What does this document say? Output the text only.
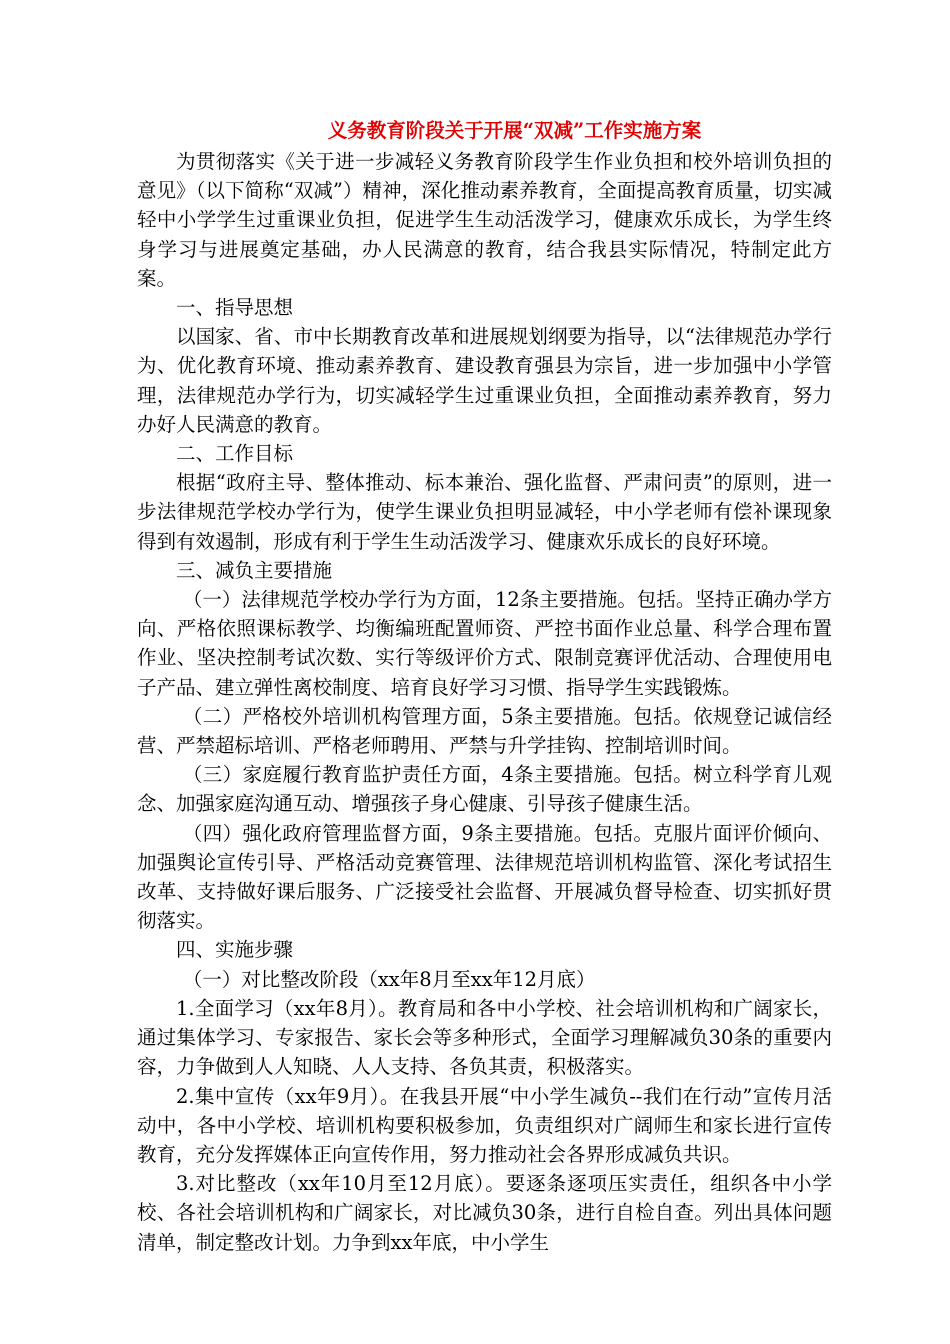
义务教育阶段关于开展“双减”工作实施方案

为贯彻落实《关于进一步减轻义务教育阶段学生作业负担和校外培训负担的意见》（以下简称“双减”）精神，深化推动素养教育，全面提高教育质量，切实减轻中小学学生过重课业负担，促进学生生动活泼学习，健康欢乐成长，为学生终身学习与进展奠定基础，办人民满意的教育，结合我县实际情况，特制定此方案。

一、指导思想

以国家、省、市中长期教育改革和进展规划纲要为指导，以“法律规范办学行为、优化教育环境、推动素养教育、建设教育强县为宗旨，进一步加强中小学管理，法律规范办学行为，切实减轻学生过重课业负担，全面推动素养教育，努力办好人民满意的教育。

二、工作目标

根据“政府主导、整体推动、标本兼治、强化监督、严肃问责”的原则，进一步法律规范学校办学行为，使学生课业负担明显减轻，中小学老师有偿补课现象得到有效遏制，形成有利于学生生动活泼学习、健康欢乐成长的良好环境。

三、减负主要措施

（一）法律规范学校办学行为方面，12条主要措施。包括。坚持正确办学方向、严格依照课标教学、均衡编班配置师资、严控书面作业总量、科学合理布置作业、坚决控制考试次数、实行等级评价方式、限制竞赛评优活动、合理使用电子产品、建立弹性离校制度、培育良好学习习惯、指导学生实践锻炼。

（二）严格校外培训机构管理方面，5条主要措施。包括。依规登记诚信经营、严禁超标培训、严格老师聘用、严禁与升学挂钩、控制培训时间。

（三）家庭履行教育监护责任方面，4条主要措施。包括。树立科学育儿观念、加强家庭沟通互动、增强孩子身心健康、引导孩子健康生活。

（四）强化政府管理监督方面，9条主要措施。包括。克服片面评价倾向、加强舆论宣传引导、严格活动竞赛管理、法律规范培训机构监管、深化考试招生改革、支持做好课后服务、广泛接受社会监督、开展减负督导检查、切实抓好贯彻落实。

四、实施步骤

（一）对比整改阶段（xx年8月至xx年12月底）

1.全面学习（xx年8月）。教育局和各中小学校、社会培训机构和广阔家长，通过集体学习、专家报告、家长会等多种形式，全面学习理解减负30条的重要内容，力争做到人人知晓、人人支持、各负其责，积极落实。

2.集中宣传（xx年9月）。在我县开展“中小学生减负--我们在行动”宣传月活动中，各中小学校、培训机构要积极参加，负责组织对广阔师生和家长进行宣传教育，充分发挥媒体正向宣传作用，努力推动社会各界形成减负共识。

3.对比整改（xx年10月至12月底）。要逐条逐项压实责任，组织各中小学校、各社会培训机构和广阔家长，对比减负30条，进行自检自查。列出具体问题清单，制定整改计划。力争到xx年底，中小学生
